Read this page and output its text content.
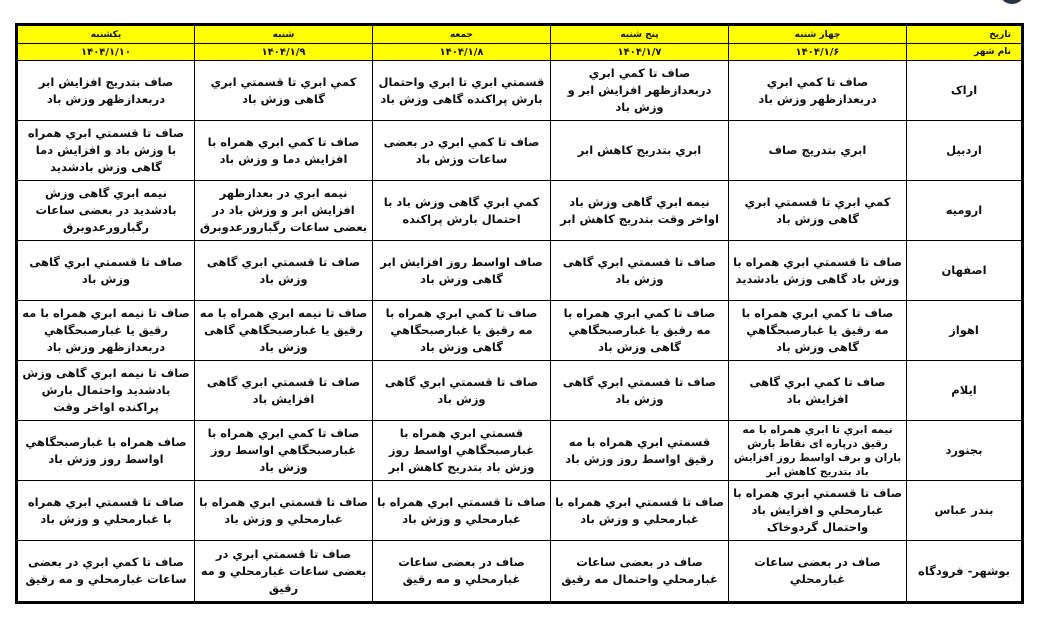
تاریخ	چهار شنبه	پنج شنبه	جمعه	شنبه	یکشنبه
نام شهر	۱۴۰۴/۱/۶	۱۴۰۴/۱/۷	۱۴۰۴/۱/۸	۱۴۰۴/۱/۹	۱۴۰۴/۱/۱۰
اراک	صاف تا کمي ابري دربعدازظهر وزش باد	صاف تا کمي ابري دربعدازظهر افزايش ابر و وزش باد	قسمتي ابري تا ابري واحتمال بارش پراكنده گاهی وزش باد	کمي ابري تا قسمتي ابري گاهی وزش باد	صاف بتدريج افزايش ابر دربعدازظهر وزش باد
اردبیل	ابري بتدريج صاف	ابري بتدريج کاهش ابر	صاف تا کمي ابري در بعضی ساعات وزش باد	صاف تا کمي ابري همراه با افزايش دما و وزش باد	صاف تا قسمتي ابري همراه با وزش باد و افزايش دما گاهی وزش بادشديد
ارومیه	کمي ابري تا قسمتي ابري گاهی وزش باد	نيمه ابري گاهی وزش باد اواخر وقت بتدريج کاهش ابر	کمي ابري گاهی وزش باد با احتمال بارش پراكنده	نيمه ابري در بعدازظهر افزايش ابر و وزش باد در بعضی ساعات رگبارورعدوبرق	نيمه ابري گاهی وزش بادشديد در بعضی ساعات رگبارورعدوبرق
اصفهان	صاف تا قسمتي ابري همراه با وزش باد گاهی وزش بادشديد	صاف تا قسمتي ابري گاهی وزش باد	صاف اواسط روز افزايش ابر گاهی وزش باد	صاف تا قسمتي ابري گاهی وزش باد	صاف تا قسمتي ابري گاهی وزش باد
اهواز	صاف تا کمي ابري همراه با مه رقيق يا غبارصبحگاهي گاهی وزش باد	صاف تا کمي ابري همراه با مه رقيق يا غبارصبحگاهي گاهی وزش باد	صاف تا کمي ابري همراه با مه رقيق يا غبارصبحگاهي گاهی وزش باد	صاف تا نيمه ابري همراه با مه رقيق يا غبارصبحگاهي گاهی وزش باد	صاف تا نيمه ابري همراه با مه رقيق يا غبارصبحگاهي دربعدازظهر وزش باد
ایلام	صاف تا کمي ابري گاهی افزايش باد	صاف تا قسمتي ابري گاهی وزش باد	صاف تا قسمتي ابري گاهی وزش باد	صاف تا قسمتي ابري گاهی افزايش باد	صاف تا نيمه ابري گاهی وزش بادشديد واحتمال بارش پراكنده اواخر وقت
بجنورد	نيمه ابري تا ابري همراه با مه رقيق درپاره ای نقاط بارش باران و برف اواسط روز افزايش باد بتدريج کاهش ابر	قسمتي ابري همراه با مه رقيق اواسط روز وزش باد	قسمتي ابري همراه با غبارصبحگاهي اواسط روز وزش باد بتدريج کاهش ابر	صاف تا کمي ابري همراه با غبارصبحگاهي اواسط روز وزش باد	صاف همراه با غبارصبحگاهي اواسط روز وزش باد
بندر عباس	صاف تا قسمتي ابري همراه با غبارمحلي و افزايش باد واحتمال گردوخاک	صاف تا قسمتي ابري همراه با غبارمحلي و وزش باد	صاف تا قسمتي ابري همراه با غبارمحلي و وزش باد	صاف تا قسمتي ابري همراه با غبارمحلي و وزش باد	صاف تا قسمتي ابري همراه با غبارمحلي و وزش باد
بوشهر- فرودگاه	صاف در بعضی ساعات غبارمحلي	صاف در بعضی ساعات غبارمحلي واحتمال مه رقيق	صاف در بعضی ساعات غبارمحلي و مه رقيق	صاف تا قسمتي ابري در بعضی ساعات غبارمحلي و مه رقيق	صاف تا کمي ابري در بعضی ساعات غبارمحلي و مه رقيق
